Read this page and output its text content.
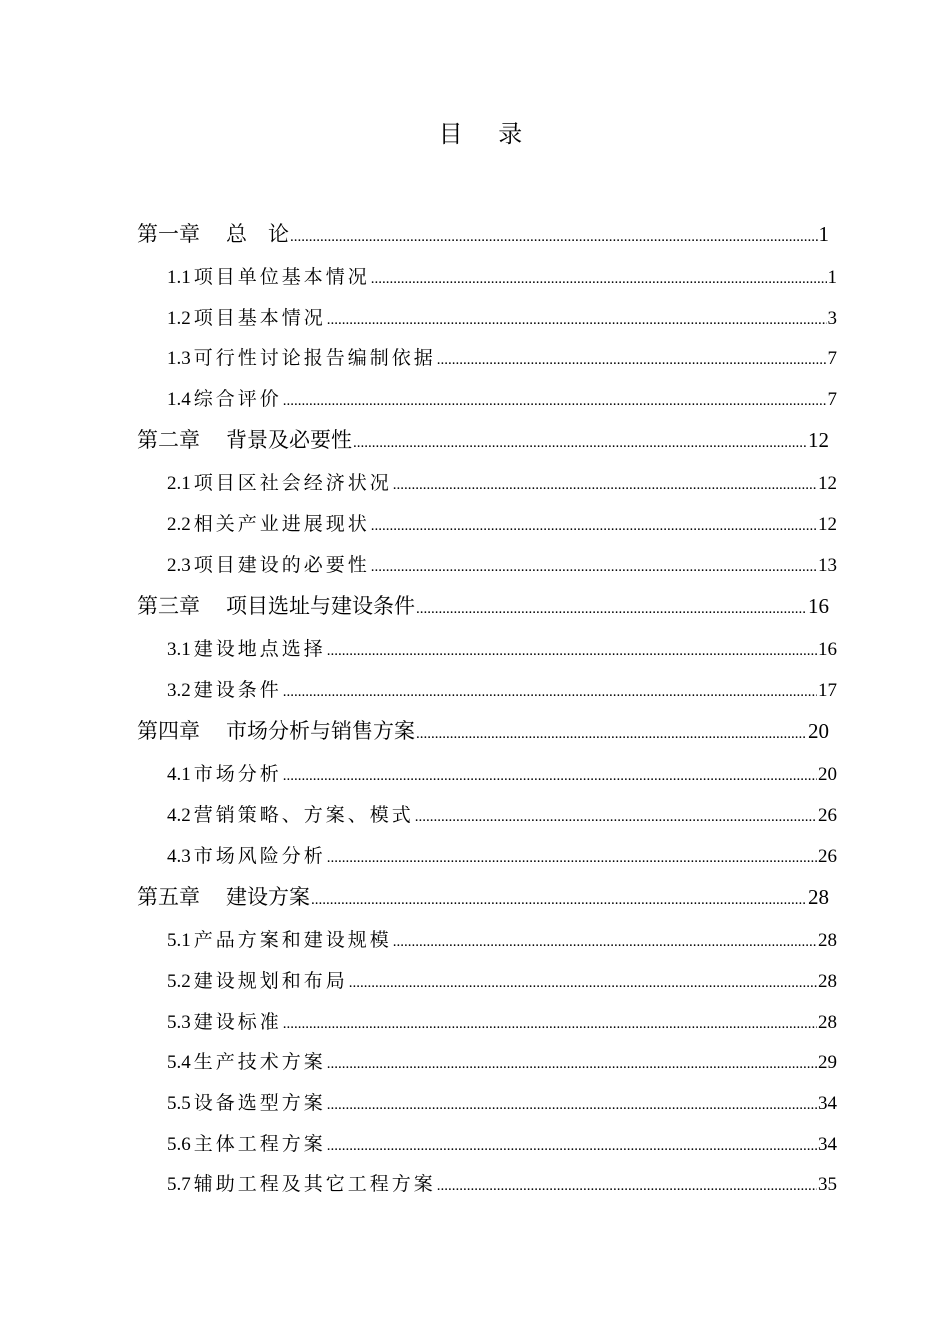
目 录
第一章 总　论 .....	1
1.1 项目单位基本情况 .....	1
1.2 项目基本情况 .....	3
1.3 可行性讨论报告编制依据 .....	7
1.4 综合评价 .....	7
第二章 背景及必要性 .....	12
2.1 项目区社会经济状况 .....	12
2.2 相关产业进展现状 .....	12
2.3 项目建设的必要性 .....	13
第三章 项目选址与建设条件 .....	16
3.1 建设地点选择 .....	16
3.2 建设条件 .....	17
第四章 市场分析与销售方案 .....	20
4.1 市场分析 .....	20
4.2 营销策略、方案、模式 .....	26
4.3 市场风险分析 .....	26
第五章 建设方案 .....	28
5.1 产品方案和建设规模 .....	28
5.2 建设规划和布局 .....	28
5.3 建设标准 .....	28
5.4 生产技术方案 .....	29
5.5 设备选型方案 .....	34
5.6 主体工程方案 .....	34
5.7 辅助工程及其它工程方案 .....	35
